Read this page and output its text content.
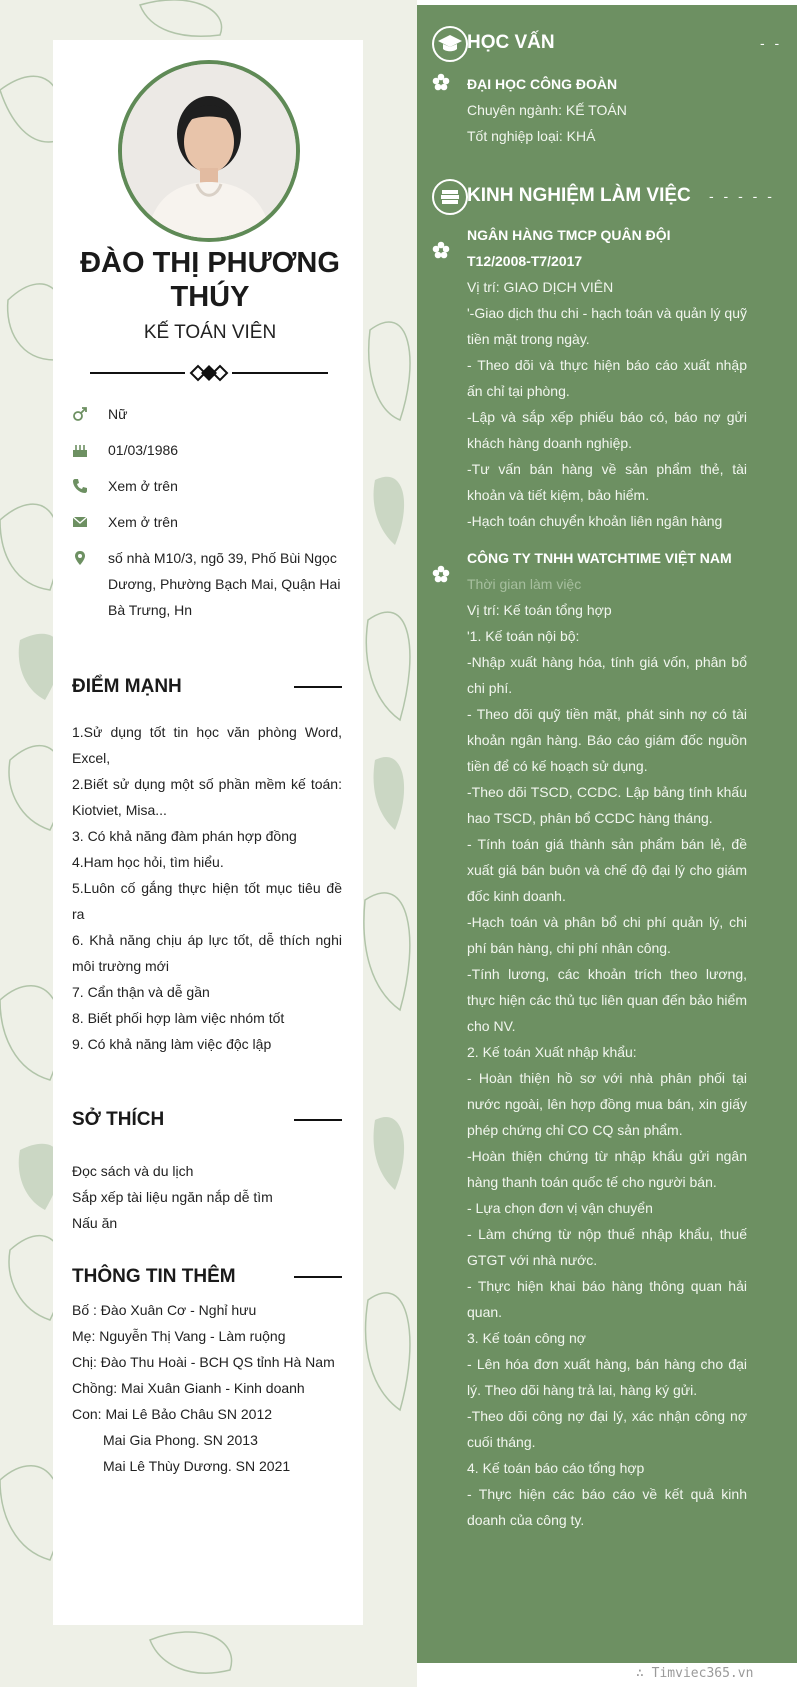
ĐÀO THỊ PHƯƠNG THÚY
KẾ TOÁN VIÊN
Nữ
01/03/1986
Xem ở trên
Xem ở trên
số nhà M10/3, ngõ 39, Phố Bùi Ngọc Dương, Phường Bạch Mai, Quận Hai Bà Trưng, Hn
ĐIỂM MẠNH
1.Sử dụng tốt tin học văn phòng Word, Excel,
2.Biết sử dụng một số phần mềm kế toán: Kiotviet, Misa...
3. Có khả năng đàm phán hợp đồng
4.Ham học hỏi, tìm hiểu.
5.Luôn cố gắng thực hiện tốt mục tiêu đề ra
6. Khả năng chịu áp lực tốt, dễ thích nghi môi trường mới
7. Cẩn thận và dễ gần
8. Biết phối hợp làm việc nhóm tốt
9. Có khả năng làm việc độc lập
SỞ THÍCH
Đọc sách và du lịch
Sắp xếp tài liệu ngăn nắp dễ tìm
Nấu ăn
THÔNG TIN THÊM
Bố : Đào Xuân Cơ - Nghỉ hưu
Mẹ: Nguyễn Thị Vang - Làm ruộng
Chị: Đào Thu Hoài - BCH QS tỉnh Hà Nam
Chồng: Mai Xuân Gianh - Kinh doanh
Con: Mai Lê Bảo Châu SN 2012
Mai Gia Phong. SN 2013
Mai Lê Thùy Dương. SN 2021
HỌC VẤN	- -
ĐẠI HỌC CÔNG ĐOÀN
Chuyên ngành: KẾ TOÁN
Tốt nghiệp loại: KHÁ
KINH NGHIỆM LÀM VIỆC - - - - -
NGÂN HÀNG TMCP QUÂN ĐỘI
T12/2008-T7/2017
Vị trí: GIAO DỊCH VIÊN
'-Giao dịch thu chi - hạch toán và quản lý quỹ tiền mặt trong ngày.
- Theo dõi và thực hiện báo cáo xuất nhập ấn chỉ tại phòng.
-Lập và sắp xếp phiếu báo có, báo nợ gửi khách hàng doanh nghiệp.
-Tư vấn bán hàng về sản phẩm thẻ, tài khoản và tiết kiệm, bảo hiểm.
-Hạch toán chuyển khoản liên ngân hàng
CÔNG TY TNHH WATCHTIME VIỆT NAM
Thời gian làm việc
Vị trí: Kế toán tổng hợp
'1. Kế toán nội bộ:
-Nhập xuất hàng hóa, tính giá vốn, phân bổ chi phí.
- Theo dõi quỹ tiền mặt, phát sinh nợ có tài khoản ngân hàng. Báo cáo giám đốc nguồn tiền để có kế hoạch sử dụng.
-Theo dõi TSCD, CCDC. Lập bảng tính khấu hao TSCD, phân bổ CCDC hàng tháng.
- Tính toán giá thành sản phẩm bán lẻ, đề xuất giá bán buôn và chế độ đại lý cho giám đốc kinh doanh.
-Hạch toán và phân bổ chi phí quản lý, chi phí bán hàng, chi phí nhân công.
-Tính lương, các khoản trích theo lương, thực hiện các thủ tục liên quan đến bảo hiểm cho NV.
2. Kế toán Xuất nhập khẩu:
- Hoàn thiện hồ sơ với nhà phân phối tại nước ngoài, lên hợp đồng mua bán, xin giấy phép chứng chỉ CO CQ sản phẩm.
-Hoàn thiện chứng từ nhập khẩu gửi ngân hàng thanh toán quốc tế cho người bán.
- Lựa chọn đơn vị vận chuyển
- Làm chứng từ nộp thuế nhập khẩu, thuế GTGT với nhà nước.
- Thực hiện khai báo hàng thông quan hải quan.
3. Kế toán công nợ
- Lên hóa đơn xuất hàng, bán hàng cho đại lý. Theo dõi hàng trả lai, hàng ký gửi.
-Theo dõi công nợ đại lý, xác nhận công nợ cuối tháng.
4. Kế toán báo cáo tổng hợp
- Thực hiện các báo cáo về kết quả kinh doanh của công ty.
∴ Timviec365.vn
